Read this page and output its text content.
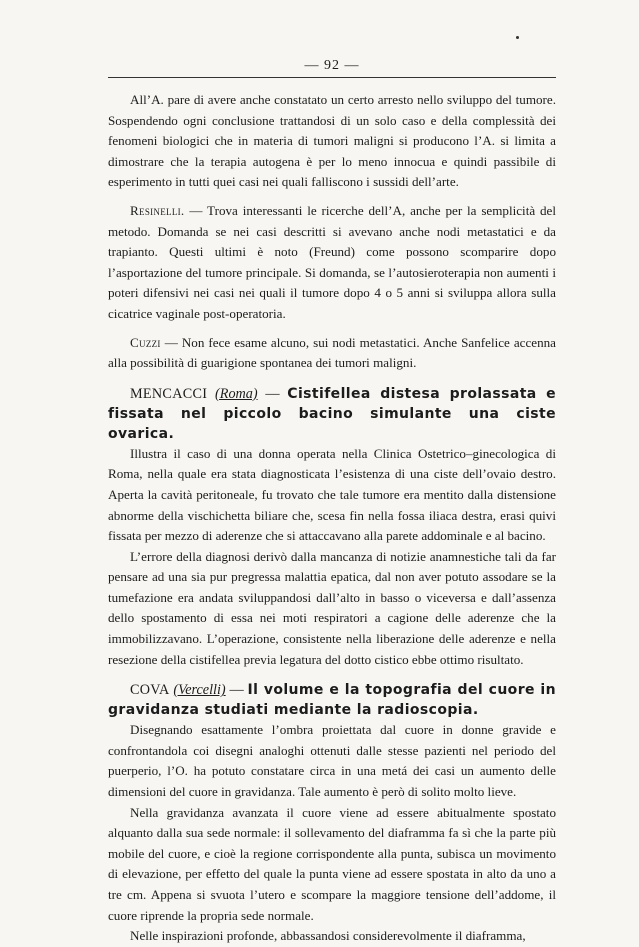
— 92 —

All’A. pare di avere anche constatato un certo arresto nello sviluppo del tumore. Sospendendo ogni conclusione trattandosi di un solo caso e della complessità dei fenomeni biologici che in materia di tumori maligni si producono l’A. si limita a dimostrare che la terapia autogena è per lo meno innocua e quindi passibile di esperimento in tutti quei casi nei quali falliscono i sussidi dell’arte.

Resinelli. — Trova interessanti le ricerche dell’A, anche per la semplicità del metodo. Domanda se nei casi descritti si avevano anche nodi metastatici e da trapianto. Questi ultimi è noto (Freund) come possono scomparire dopo l’asportazione del tumore principale. Si domanda, se l’autosieroterapia non aumenti i poteri difensivi nei casi nei quali il tumore dopo 4 o 5 anni si sviluppa allora sulla cicatrice vaginale post-operatoria.

Cuzzi — Non fece esame alcuno, sui nodi metastatici. Anche Sanfelice accenna alla possibilità di guarigione spontanea dei tumori maligni.

MENCACCI (Roma) — Cistifellea distesa prolassata e fissata nel piccolo bacino simulante una ciste ovarica.

Illustra il caso di una donna operata nella Clinica Ostetrico–ginecologica di Roma, nella quale era stata diagnosticata l’esistenza di una ciste dell’ovaio destro. Aperta la cavità peritoneale, fu trovato che tale tumore era mentito dalla distensione abnorme della vischichetta biliare che, scesa fin nella fossa iliaca destra, erasi quivi fissata per mezzo di aderenze che si attaccavano alla parete addominale e al bacino.

L’errore della diagnosi derivò dalla mancanza di notizie anamnestiche tali da far pensare ad una sia pur pregressa malattia epatica, dal non aver potuto assodare se la tumefazione era andata sviluppandosi dall’alto in basso o viceversa e dall’assenza dello spostamento di essa nei moti respiratori a cagione delle aderenze che la immobilizzavano. L’operazione, consistente nella liberazione delle aderenze e nella resezione della cistifellea previa legatura del dotto cistico ebbe ottimo risultato.

COVA (Vercelli) — Il volume e la topografia del cuore in gravidanza studiati mediante la radioscopia.

Disegnando esattamente l’ombra proiettata dal cuore in donne gravide e confrontandola coi disegni analoghi ottenuti dalle stesse pazienti nel periodo del puerperio, l’O. ha potuto constatare circa in una metá dei casi un aumento delle dimensioni del cuore in gravidanza. Tale aumento è però di solito molto lieve.

Nella gravidanza avanzata il cuore viene ad essere abitualmente spostato alquanto dalla sua sede normale: il sollevamento del diaframma fa sì che la parte più mobile del cuore, e cioè la regione corrispondente alla punta, subisca un movimento di elevazione, per effetto del quale la punta viene ad essere spostata in alto da uno a tre cm. Appena si svuota l’utero e scompare la maggiore tensione dell’addome, il cuore riprende la propria sede normale.

Nelle inspirazioni profonde, abbassandosi considerevolmente il diaframma,
